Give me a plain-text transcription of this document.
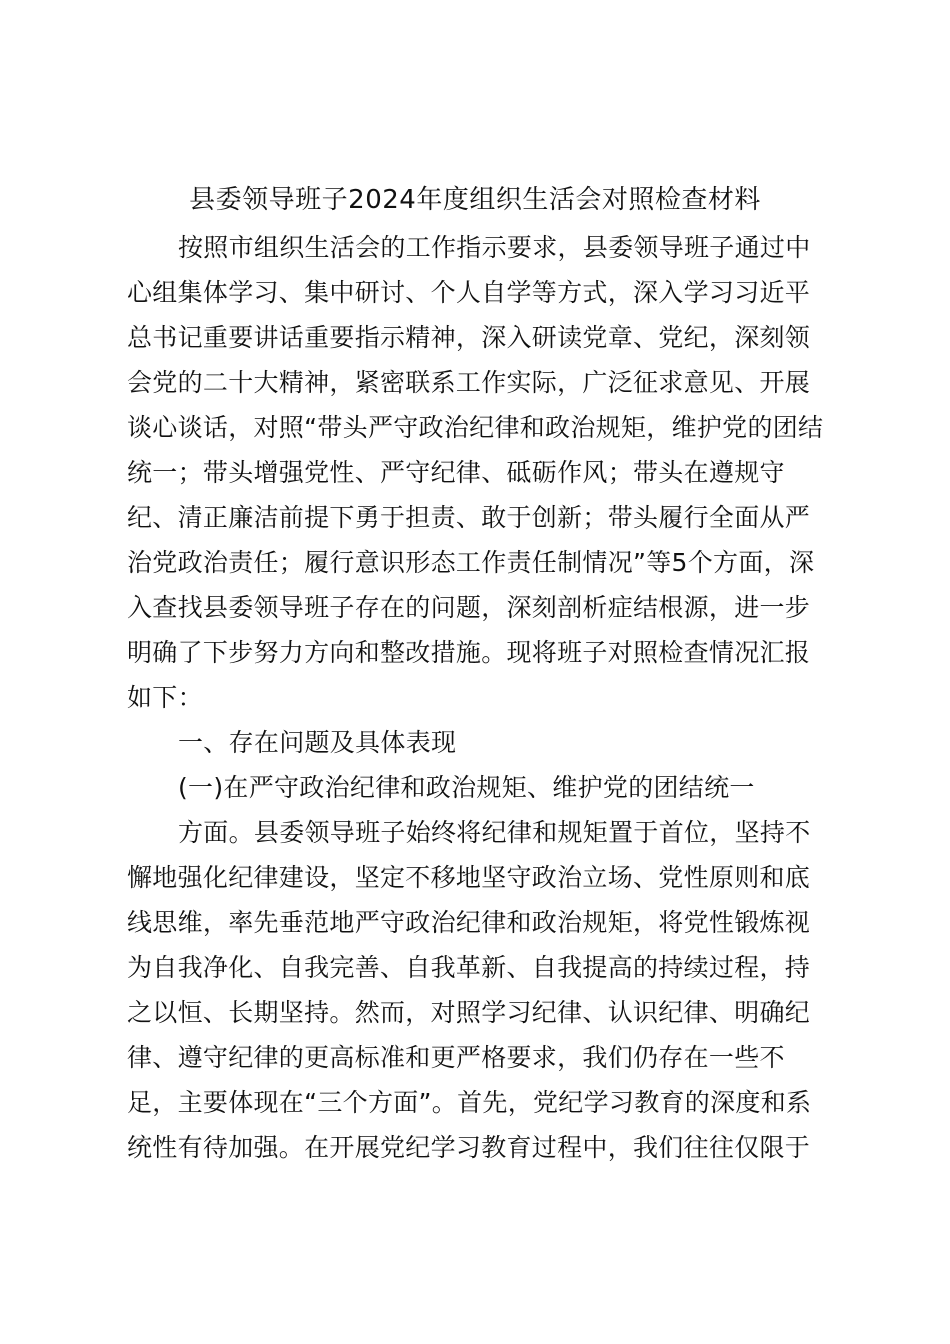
县委领导班子2024年度组织生活会对照检查材料
按照市组织生活会的工作指示要求，县委领导班子通过中
心组集体学习、集中研讨、个人自学等方式，深入学习习近平
总书记重要讲话重要指示精神，深入研读党章、党纪，深刻领
会党的二十大精神，紧密联系工作实际，广泛征求意见、开展
谈心谈话，对照“带头严守政治纪律和政治规矩，维护党的团结
统一；带头增强党性、严守纪律、砥砺作风；带头在遵规守
纪、清正廉洁前提下勇于担责、敢于创新；带头履行全面从严
治党政治责任；履行意识形态工作责任制情况”等5个方面，深
入查找县委领导班子存在的问题，深刻剖析症结根源，进一步
明确了下步努力方向和整改措施。现将班子对照检查情况汇报
如下：
一、存在问题及具体表现
(一)在严守政治纪律和政治规矩、维护党的团结统一
方面。县委领导班子始终将纪律和规矩置于首位，坚持不
懈地强化纪律建设，坚定不移地坚守政治立场、党性原则和底
线思维，率先垂范地严守政治纪律和政治规矩，将党性锻炼视
为自我净化、自我完善、自我革新、自我提高的持续过程，持
之以恒、长期坚持。然而，对照学习纪律、认识纪律、明确纪
律、遵守纪律的更高标准和更严格要求，我们仍存在一些不
足，主要体现在“三个方面”。首先，党纪学习教育的深度和系
统性有待加强。在开展党纪学习教育过程中，我们往往仅限于
